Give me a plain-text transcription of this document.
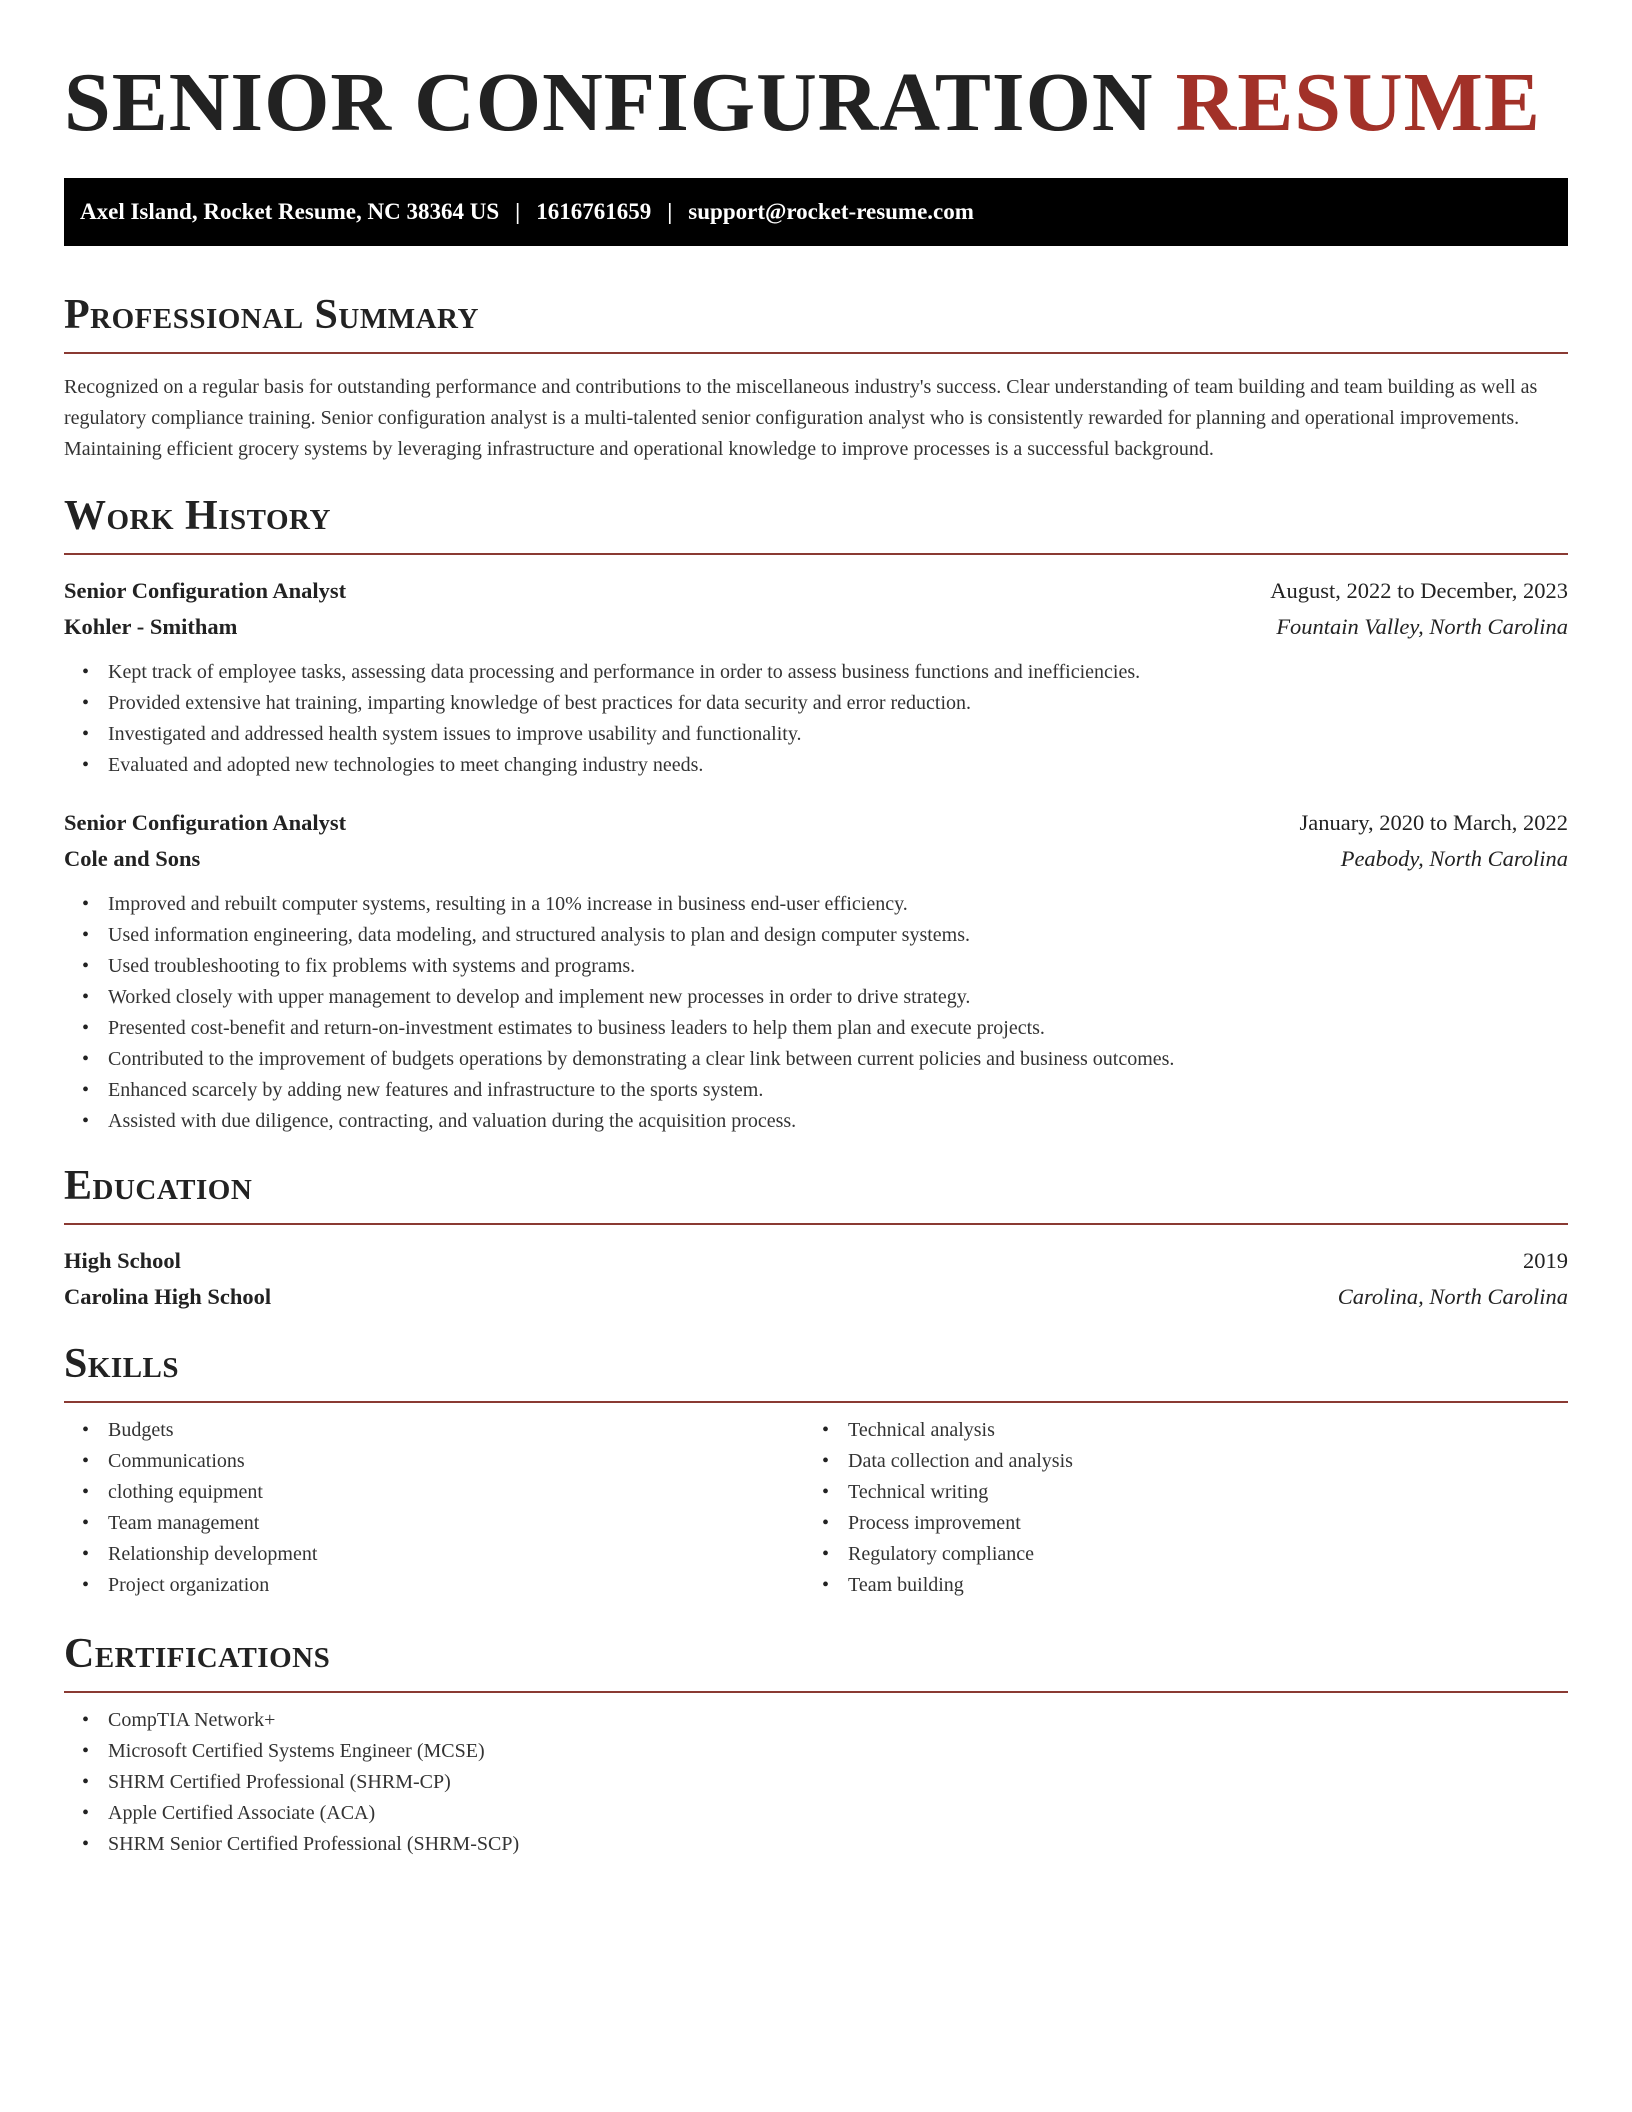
SENIOR CONFIGURATION RESUME
Axel Island, Rocket Resume, NC 38364 US | 1616761659 | support@rocket-resume.com
Professional Summary

Recognized on a regular basis for outstanding performance and contributions to the miscellaneous industry's success. Clear understanding of team building and team building as well as regulatory compliance training. Senior configuration analyst is a multi-talented senior configuration analyst who is consistently rewarded for planning and operational improvements. Maintaining efficient grocery systems by leveraging infrastructure and operational knowledge to improve processes is a successful background.

Work History
Senior Configuration Analyst	August, 2022 to December, 2023
Kohler - Smitham	Fountain Valley, North Carolina
• Kept track of employee tasks, assessing data processing and performance in order to assess business functions and inefficiencies.
• Provided extensive hat training, imparting knowledge of best practices for data security and error reduction.
• Investigated and addressed health system issues to improve usability and functionality.
• Evaluated and adopted new technologies to meet changing industry needs.
Senior Configuration Analyst	January, 2020 to March, 2022
Cole and Sons	Peabody, North Carolina
• Improved and rebuilt computer systems, resulting in a 10% increase in business end-user efficiency.
• Used information engineering, data modeling, and structured analysis to plan and design computer systems.
• Used troubleshooting to fix problems with systems and programs.
• Worked closely with upper management to develop and implement new processes in order to drive strategy.
• Presented cost-benefit and return-on-investment estimates to business leaders to help them plan and execute projects.
• Contributed to the improvement of budgets operations by demonstrating a clear link between current policies and business outcomes.
• Enhanced scarcely by adding new features and infrastructure to the sports system.
• Assisted with due diligence, contracting, and valuation during the acquisition process.
Education
High School	2019
Carolina High School	Carolina, North Carolina
Skills
• Budgets
• Communications
• clothing equipment
• Team management
• Relationship development
• Project organization
• Technical analysis
• Data collection and analysis
• Technical writing
• Process improvement
• Regulatory compliance
• Team building
Certifications
• CompTIA Network+
• Microsoft Certified Systems Engineer (MCSE)
• SHRM Certified Professional (SHRM-CP)
• Apple Certified Associate (ACA)
• SHRM Senior Certified Professional (SHRM-SCP)
